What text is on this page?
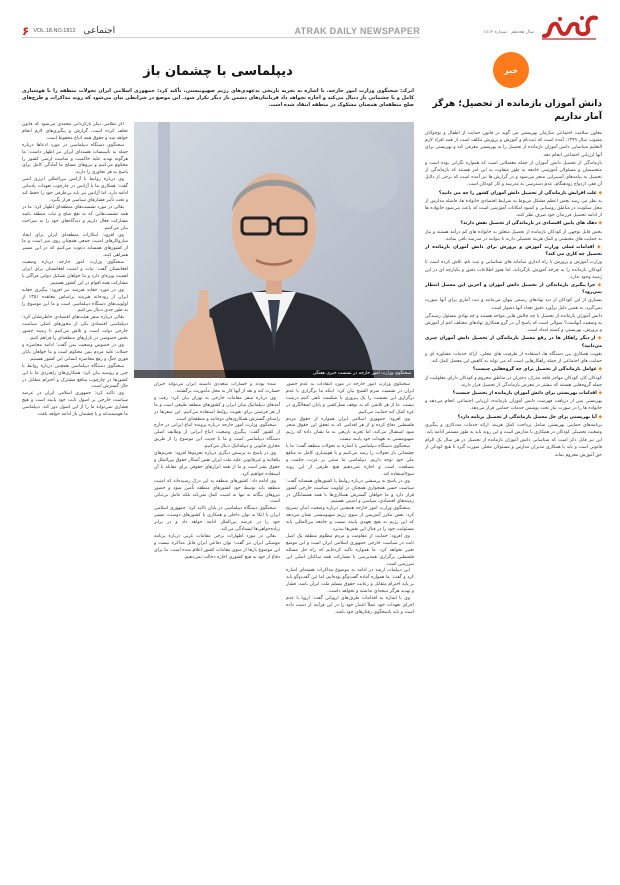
۶ VOL.18.NO.1812 اجتماعی	ATRAK DAILY NEWSPAPER	سال هجدهم . شماره ۱۸۱۲
خبر
دانش آموزان بازمانده از تحصیل؛ هرگز آمار نداریم

معاون سلامت اجتماعی سازمان بهزیستی می گوید در قانون حمایت از اطفال و نوجوانان مصوب سال ۱۳۹۹، آمده است که ثبت‌نام و آموزش و پرورش مکلف است از همه افراد لازم التعلیم شناسایی دانش آموزان بازمانده از تحصیل را به بهزیستی معرفی کند و بهزیستی برای آنها ارزیابی اجتماعی انجام دهد.

بازماندگی از تحصیل دانش آموزان از جمله معضلاتی است که همواره نگرانی بوده است و متخصصان و مسئولان آموزشی جامعه به طور متفاوت به این امر هستند که بازماندگی از تحصیل به پیامدهای آسیبزایی منجر می‌شود و در گزارش ها نیز آمده است که برخی از دلایل آن فقر، ازدواج زودهنگام، عدم دسترسی به مدرسه و کار کودکان است.

◆ علت افزایش بازماندگی از تحصیل دانش آموزان کشور را چه می دانید؟

به نظر می رسد بخش اعظم مشکل مربوط به شرایط اقتصادی خانواده ها، فاصله مدارس از محل سکونت در مناطق روستایی و کمبود امکانات آموزشی است که باعث می‌شود خانواده ها از ادامه تحصیل فرزندان خود صرف نظر کنند.

◆ دهک های پایین اقتصادی در بازماندگی از تحصیل نقش دارند؟

بخش قابل توجهی از کودکان بازمانده از تحصیل متعلق به خانواده های کم درآمد هستند و نیاز به حمایت های معیشتی و کمک هزینه تحصیلی دارند تا بتوانند در مدرسه باقی بمانند.

◆ اقدامات عملی وزارت آموزش و پرورش برای دانش آموزان بازمانده از تحصیل چه کاری می کند؟

وزارت آموزش و پرورش با راه اندازی سامانه های شناسایی و ثبت نام، تلاش کرده است تا کودکان بازمانده را به چرخه آموزش بازگرداند، اما هنوز اطلاعات دقیق و یکپارچه ای در این زمینه وجود ندارد.

◆ چرا پیگیری بازماندگی از تحصیل دانش آموزان و آخرین این معضل انتظار نمی‌رود؟

بسیاری از این کودکان از دید نهادهای رسمی پنهان می‌مانند و ثبت آماری برای آنها صورت نمی‌گیرد، به همین دلیل برآورد دقیق تعداد آنها دشوار است.

دانش آموزان بازمانده از تحصیل با چه چالش هایی مواجه هستند و چه نهادی مسئول رسیدگی به وضعیت آنهاست؟ سوالی است که پاسخ آن در گرو همکاری نهادهای مختلف اعم از آموزش و پرورش، بهزیستی و کمیته امداد است.

◆ از دیگر راهکار ها در رفع معضل بازماندگی از تحصیل دانش آموزان چیزی می‌دانید؟

تقویت همکاری بین دستگاه ها، استفاده از ظرفیت های محلی، ارائه خدمات مشاوره ای و حمایت های اجتماعی از جمله راهکارهایی است که می تواند به کاهش این معضل کمک کند.

◆ عوامل بازماندگی از تحصیل برای چه گروه‌هایی چیست؟

کودکان کار، کودکان مهاجر فاقد مدرک، دختران در مناطق محروم و کودکان دارای معلولیت از جمله گروه‌هایی هستند که بیشتر در معرض بازماندگی از تحصیل قرار دارند.

◆ اقدامات بهزیستی برای دانش آموزان بازمانده از تحصیل چیست؟

بهزیستی پس از دریافت فهرست دانش آموزان بازمانده، ارزیابی اجتماعی انجام می‌دهد و خانواده ها را در صورت نیاز تحت پوشش خدمات حمایتی قرار می‌دهد.

◆ آیا بهزیستی برای حل معضل بازماندگی از تحصیل برنامه دارد؟

برنامه‌های حمایتی بهزیستی شامل پرداخت کمک هزینه، ارائه خدمات مددکاری و پیگیری وضعیت تحصیلی کودکان در همکاری با مدارس است و این روند باید به طور مستمر ادامه یابد.

این نیز قابل ذکر است که شناسایی دانش آموزان بازمانده از تحصیل در هر سال یک الزام قانونی است و باید با همکاری مدیران مدارس و مسئولان محلی صورت گیرد تا هیچ کودکی از حق آموزش محروم نماند.

دیپلماسی با چشمان باز
اترک: سخنگوی وزارت امور خارجه، با اشاره به تجربه تاریخی بدعهدی‌های رژیم صهیونیستی، تأکید کرد: جمهوری اسلامی ایران تحولات منطقه را با هوشیاری کامل و با چشمانی باز دنبال می‌کند و اجازه نخواهد داد قربانیان‌های دشمن بار دیگر تکرار شود. این موضع در شرایطی بیان می‌شود که روند مذاکرات و طرح‌های صلح منطقه‌ای همچنان مشکوک در منطقه انتقاد شده است.
سخنگوی وزارت امور خارجه در نشست خبری هفتگی

سخنگوی وزارت امور خارجه در مورد انتقادات به عدم حضور ایران در نشست شرم الشیخ بیان کرد: اینکه ما برگزاری یا عدم برگزاری این نشست را یک پیروزی یا شکست تلقی کنیم درست نیست. ما از هر تلاشی که به توقف نسل‌کشی و پایان اشغالگری در غزه کمک کند حمایت می‌کنیم.

وی افزود: جمهوری اسلامی ایران همواره از حقوق مردم فلسطین دفاع کرده و از هر اقدامی که به تحقق این حقوق منجر شود استقبال می‌کند، اما تجربه تاریخی به ما نشان داده که رژیم صهیونیستی به تعهدات خود پایبند نیست.

سخنگوی دستگاه دیپلماسی با اشاره به تحولات منطقه گفت: ما با چشمانی باز تحولات را رصد می‌کنیم و با هوشیاری کامل به منافع ملی خود توجه داریم. دیپلماسی ما مبتنی بر عزت، حکمت و مصلحت است و اجازه نمی‌دهیم هیچ طرفی از این روند سوءاستفاده کند.

وی در پاسخ به پرسشی درباره روابط با کشورهای همسایه گفت: سیاست حسن همجواری همچنان در اولویت سیاست خارجی کشور قرار دارد و ما خواهان گسترش همکاری‌ها با همه همسایگان در زمینه‌های اقتصادی، سیاسی و امنیتی هستیم.

سخنگوی وزارت امور خارجه همچنین درباره وضعیت لبنان تصریح کرد: نقض مکرر آتش‌بس از سوی رژیم صهیونیستی نشان می‌دهد که این رژیم به هیچ تعهدی پایبند نیست و جامعه بین‌المللی باید مسئولیت خود را در قبال این نقض‌ها بپذیرد.

وی افزود: حمایت از مقاومت و مردم مظلوم منطقه یک اصل ثابت در سیاست خارجی جمهوری اسلامی ایران است و این موضع تغییر نخواهد کرد. ما همواره تاکید کرده‌ایم که راه حل مسئله فلسطین برگزاری همه‌پرسی با مشارکت همه ساکنان اصلی این سرزمین است.

این دیپلمات ارشد در ادامه به موضوع مذاکرات هسته‌ای اشاره کرد و گفت: ما همواره آماده گفت‌وگو بوده‌ایم، اما این گفت‌وگو باید بر پایه احترام متقابل و رعایت حقوق مسلم ملت ایران باشد. فشار و تهدید هرگز نتیجه‌ای نداشته و نخواهد داشت.

وی با اشاره به اقدامات طرف‌های اروپایی گفت: اروپا با عدم اجرای تعهدات خود عملاً اعتبار خود را در این فرآیند از دست داده است و باید پاسخگوی رفتارهای خود باشد.

شده بودند و خسارات متعددی داشتند ایران می‌تواند جبران خسارت کند و بعد از آنها کار به محل مأموریت برگشتند.

وی درباره سفر مقامات خارجی به تهران بیان کرد: رفت و آمدهای دیپلماتیک میان ایران و کشورهای منطقه طبیعی است و ما از هر فرصتی برای تقویت روابط استفاده می‌کنیم. این سفرها در راستای گسترش همکاری‌های دوجانبه و منطقه‌ای است.

سخنگوی وزارت امور خارجه درباره پرونده اتباع ایرانی در خارج از کشور گفت: پیگیری وضعیت اتباع ایرانی از وظایف اصلی دستگاه دیپلماسی است و ما با جدیت این موضوع را از طریق مجاری قانونی و دیپلماتیک دنبال می‌کنیم.

وی در پاسخ به پرسش دیگری درباره تحریم‌ها افزود: تحریم‌های یکجانبه و غیرقانونی علیه ملت ایران نقض آشکار حقوق بین‌الملل و حقوق بشر است و ما از همه ابزارهای حقوقی برای مقابله با آن استفاده خواهیم کرد.

وی ادامه داد: کشورهای منطقه به این درک رسیده‌اند که امنیت منطقه باید توسط خود کشورهای منطقه تأمین شود و حضور نیروهای بیگانه نه تنها به امنیت کمک نمی‌کند بلکه عامل بی‌ثباتی است.

سخنگوی دستگاه دیپلماسی در پایان تاکید کرد: جمهوری اسلامی ایران با اتکا به توان داخلی و همکاری با کشورهای دوست، مسیر خود را در عرصه بین‌الملل ادامه خواهد داد و در برابر زیاده‌خواهی‌ها ایستادگی می‌کند.

بقائی در مورد اظهارات برخی مقامات غربی درباره برنامه موشکی ایران نیز گفت: توان دفاعی ایران قابل مذاکره نیست و این موضوع بارها از سوی مقامات کشور اعلام شده است. ما برای دفاع از خود به هیچ کشوری اجازه دخالت نمی‌دهیم.

اگر نظامی دیگر بازگردانی محمدی می‌شود که قانون تخلف کرده است، گزارش و پیگیری‌های لازم انجام خواهد شد و حقوق همه اتباع محفوظ است.

سخنگوی دستگاه دیپلماسی در مورد ادعاها درباره حمله به تأسیسات هسته‌ای ایران نیز اظهار داشت: ما هرگونه تهدید علیه حاکمیت و تمامیت ارضی کشور را محکوم می‌کنیم و نیروهای مسلح ما آمادگی کامل برای پاسخ به هر تجاوزی را دارند.

وی درباره روابط با آژانس بین‌المللی انرژی اتمی گفت: همکاری ما با آژانس در چارچوب تعهدات پادمانی ادامه دارد، اما آژانس نیز باید بی‌طرفی خود را حفظ کند و تحت تأثیر فشارهای سیاسی قرار نگیرد.

بقائی در مورد نشست‌های منطقه‌ای اظهار کرد: ما در همه نشست‌هایی که به نفع صلح و ثبات منطقه باشد مشارکت فعال داریم و دیدگاه‌های خود را به صراحت بیان می‌کنیم.

وی افزود: ابتکارات منطقه‌ای ایران برای ایجاد سازوکارهای امنیت جمعی همچنان روی میز است و ما از کشورهای همسایه دعوت می‌کنیم که در این مسیر همراهی کنند.

سخنگوی وزارت امور خارجه درباره وضعیت افغانستان گفت: ثبات و امنیت افغانستان برای ایران اهمیت ویژه‌ای دارد و ما خواهان تشکیل دولتی فراگیر با مشارکت همه اقوام در این کشور هستیم.

وی در مورد حقابه هیرمند نیز افزود: پیگیری حقابه ایران از رودخانه هیرمند براساس معاهده ۱۳۵۱ از اولویت‌های دستگاه دیپلماسی است و ما این موضوع را به طور جدی دنبال می‌کنیم.

بقائی درباره سفر هیئت‌های اقتصادی خاطرنشان کرد: دیپلماسی اقتصادی یکی از محورهای اصلی سیاست خارجی دولت است و تلاش می‌کنیم تا زمینه حضور بخش خصوصی در بازارهای منطقه‌ای را فراهم کنیم.

وی در خصوص وضعیت یمن گفت: ادامه محاصره و حملات علیه مردم یمن محکوم است و ما خواهان پایان فوری جنگ و رفع محاصره انسانی این کشور هستیم.

سخنگوی دستگاه دیپلماسی همچنین درباره روابط با چین و روسیه بیان کرد: همکاری‌های راهبردی ما با این کشورها در چارچوب منافع مشترک و احترام متقابل در حال گسترش است.

وی تاکید کرد: جمهوری اسلامی ایران در عرصه سیاست خارجی بر اصول ثابت خود پایبند است و هیچ فشاری نمی‌تواند ما را از این اصول دور کند. دیپلماسی ما هوشمندانه و با چشمان باز ادامه خواهد یافت.
